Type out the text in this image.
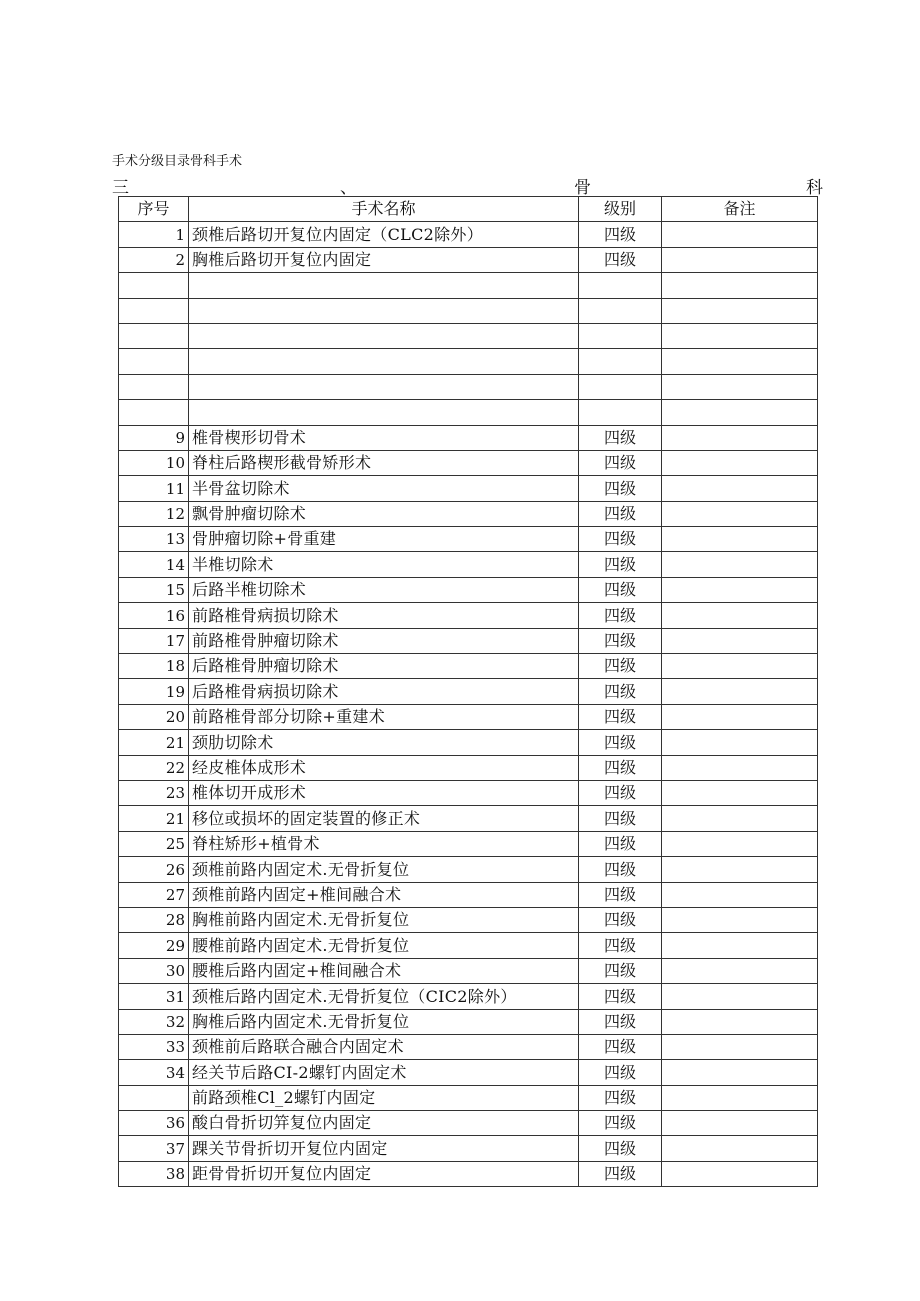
手术分级目录骨科手术
三	、	骨	科
序号	手术名称	级别	备注
1	颈椎后路切开复位内固定（CLC2除外）	四级	
2	胸椎后路切开复位内固定	四级	

9	椎骨楔形切骨术	四级	
10	脊柱后路楔形截骨矫形术	四级	
11	半骨盆切除术	四级	
12	飘骨肿瘤切除术	四级	
13	骨肿瘤切除+骨重建	四级	
14	半椎切除术	四级	
15	后路半椎切除术	四级	
16	前路椎骨病损切除术	四级	
17	前路椎骨肿瘤切除术	四级	
18	后路椎骨肿瘤切除术	四级	
19	后路椎骨病损切除术	四级	
20	前路椎骨部分切除+重建术	四级	
21	颈肋切除术	四级	
22	经皮椎体成形术	四级	
23	椎体切开成形术	四级	
21	移位或损坏的固定装置的修正术	四级	
25	脊柱矫形+植骨术	四级	
26	颈椎前路内固定术.无骨折复位	四级	
27	颈椎前路内固定+椎间融合术	四级	
28	胸椎前路内固定术.无骨折复位	四级	
29	腰椎前路内固定术.无骨折复位	四级	
30	腰椎后路内固定+椎间融合术	四级	
31	颈椎后路内固定术.无骨折复位（CIC2除外）	四级	
32	胸椎后路内固定术.无骨折复位	四级	
33	颈椎前后路联合融合内固定术	四级	
34	经关节后路CI-2螺钉内固定术	四级	
	前路颈椎Cl_2螺钉内固定	四级	
36	酸白骨折切笄复位内固定	四级	
37	踝关节骨折切开复位内固定	四级	
38	距骨骨折切开复位内固定	四级	
